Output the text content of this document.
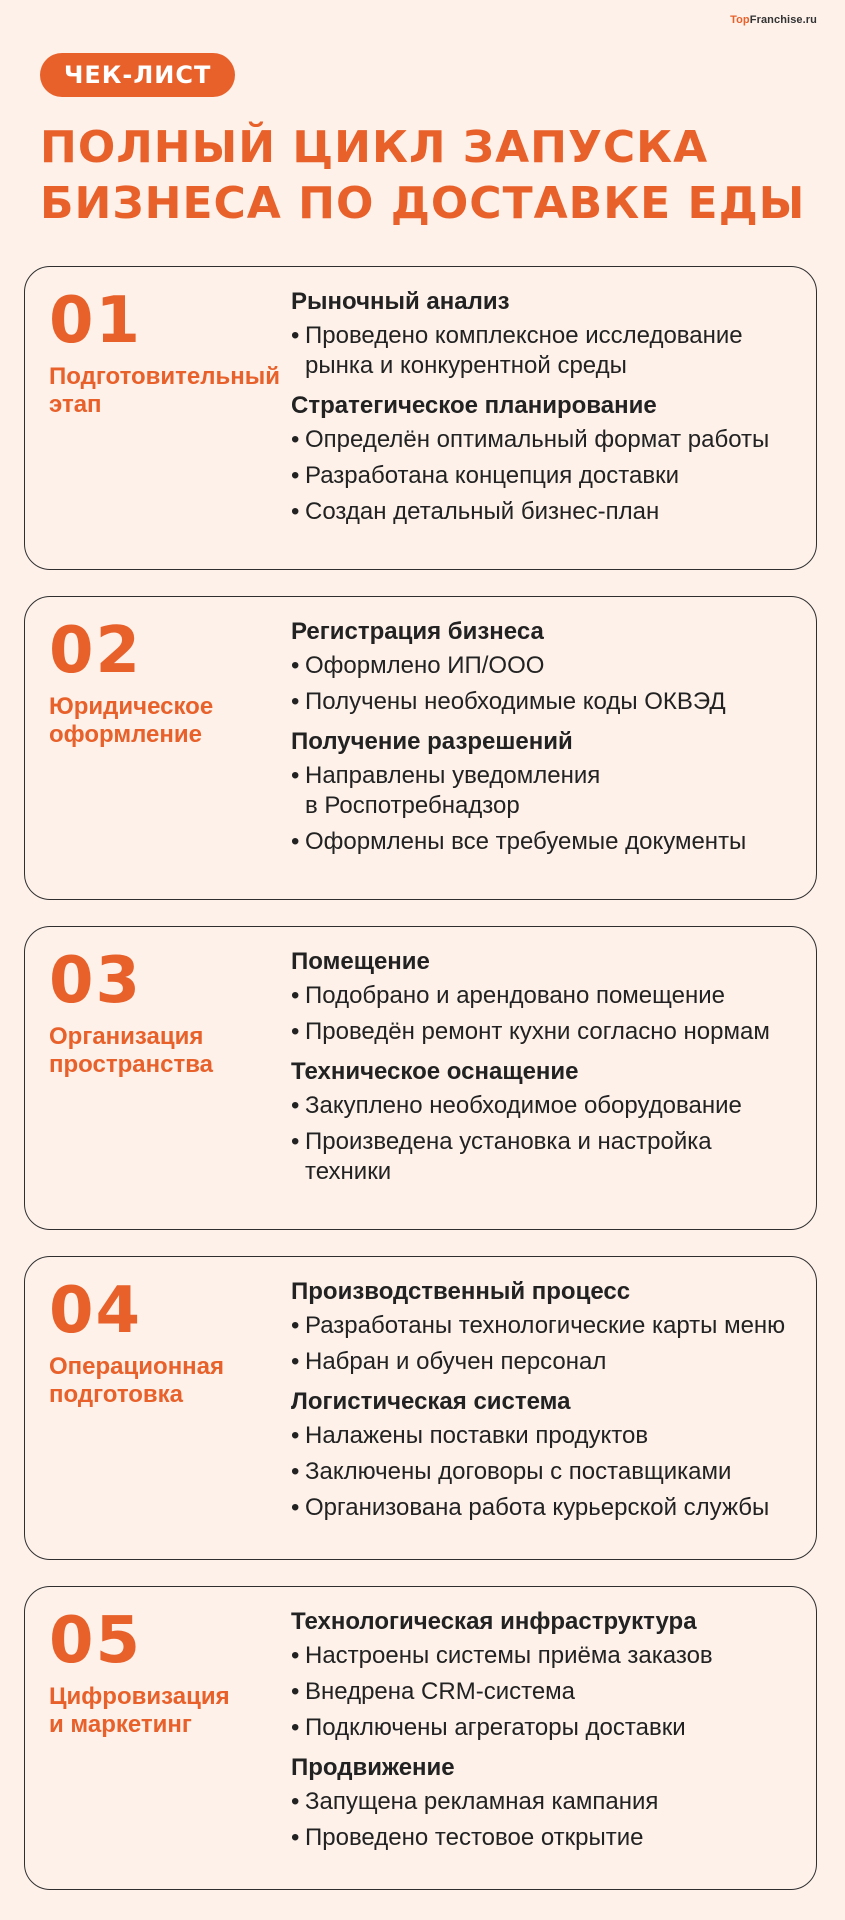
TopFranchise.ru
ЧЕК-ЛИСТ
ПОЛНЫЙ ЦИКЛ ЗАПУСКА
БИЗНЕСА ПО ДОСТАВКЕ ЕДЫ
01
Подготовительный
этап
Рыночный анализ
• Проведено комплексное исследование
рынка и конкурентной среды
Стратегическое планирование
• Определён оптимальный формат работы
• Разработана концепция доставки
• Создан детальный бизнес-план
02
Юридическое
оформление
Регистрация бизнеса
• Оформлено ИП/ООО
• Получены необходимые коды ОКВЭД
Получение разрешений
• Направлены уведомления
в Роспотребнадзор
• Оформлены все требуемые документы
03
Организация
пространства
Помещение
• Подобрано и арендовано помещение
• Проведён ремонт кухни согласно нормам
Техническое оснащение
• Закуплено необходимое оборудование
• Произведена установка и настройка
техники
04
Операционная
подготовка
Производственный процесс
• Разработаны технологические карты меню
• Набран и обучен персонал
Логистическая система
• Налажены поставки продуктов
• Заключены договоры с поставщиками
• Организована работа курьерской службы
05
Цифровизация
и маркетинг
Технологическая инфраструктура
• Настроены системы приёма заказов
• Внедрена CRM-система
• Подключены агрегаторы доставки
Продвижение
• Запущена рекламная кампания
• Проведено тестовое открытие
